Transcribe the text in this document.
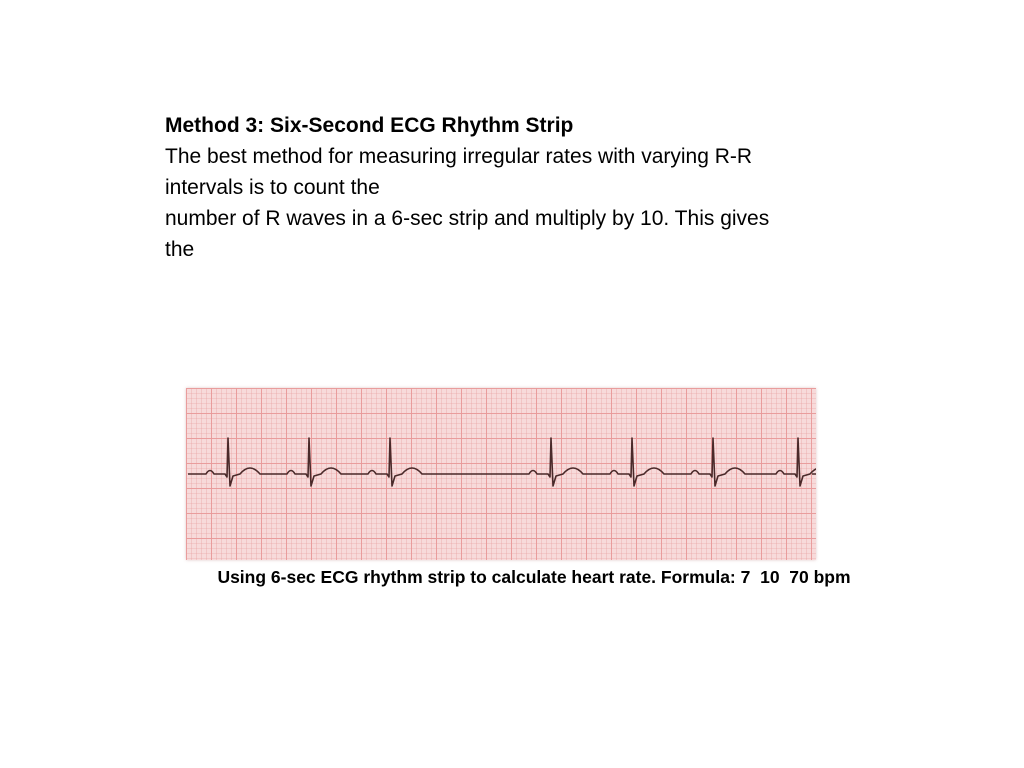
Method 3: Six-Second ECG Rhythm Strip
The best method for measuring irregular rates with varying R-R
intervals is to count the
number of R waves in a 6-sec strip and multiply by 10. This gives
the
Using 6-sec ECG rhythm strip to calculate heart rate. Formula: 7  10  70 bpm
